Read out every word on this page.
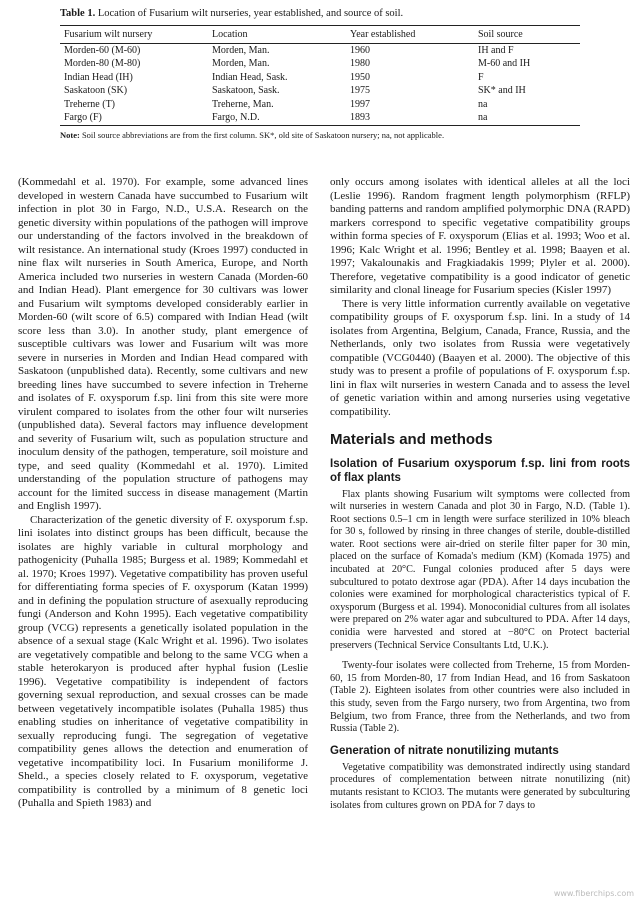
Table 1. Location of Fusarium wilt nurseries, year established, and source of soil.

Fusarium wilt nursery	Location	Year established	Soil source
Morden-60 (M-60)	Morden, Man.	1960	IH and F
Morden-80 (M-80)	Morden, Man.	1980	M-60 and IH
Indian Head (IH)	Indian Head, Sask.	1950	F
Saskatoon (SK)	Saskatoon, Sask.	1975	SK* and IH
Treherne (T)	Treherne, Man.	1997	na
Fargo (F)	Fargo, N.D.	1893	na

Note: Soil source abbreviations are from the first column. SK*, old site of Saskatoon nursery; na, not applicable.

(Kommedahl et al. 1970). For example, some advanced lines developed in western Canada have succumbed to Fusarium wilt infection in plot 30 in Fargo, N.D., U.S.A. Research on the genetic diversity within populations of the pathogen will improve our understanding of the factors involved in the breakdown of wilt resistance. An international study (Kroes 1997) conducted in nine flax wilt nurseries in South America, Europe, and North America included two nurseries in western Canada (Morden-60 and Indian Head). Plant emergence for 30 cultivars was lower and Fusarium wilt symptoms developed considerably earlier in Morden-60 (wilt score of 6.5) compared with Indian Head (wilt score less than 3.0). In another study, plant emergence of susceptible cultivars was lower and Fusarium wilt was more severe in nurseries in Morden and Indian Head compared with Saskatoon (unpublished data). Recently, some cultivars and new breeding lines have succumbed to severe infection in Treherne and isolates of F. oxysporum f.sp. lini from this site were more virulent compared to isolates from the other four wilt nurseries (unpublished data). Several factors may influence development and severity of Fusarium wilt, such as population structure and inoculum density of the pathogen, temperature, soil moisture and type, and seed quality (Kommedahl et al. 1970). Limited understanding of the population structure of pathogens may account for the limited success in disease management (Martin and English 1997).

Characterization of the genetic diversity of F. oxysporum f.sp. lini isolates into distinct groups has been difficult, because the isolates are highly variable in cultural morphology and pathogenicity (Puhalla 1985; Burgess et al. 1989; Kommedahl et al. 1970; Kroes 1997). Vegetative compatibility has proven useful for differentiating forma species of F. oxysporum (Katan 1999) and in defining the population structure of asexually reproducing fungi (Anderson and Kohn 1995). Each vegetative compatibility group (VCG) represents a genetically isolated population in the absence of a sexual stage (Kalc Wright et al. 1996). Two isolates are vegetatively compatible and belong to the same VCG when a stable heterokaryon is produced after hyphal fusion (Leslie 1996). Vegetative compatibility is independent of factors governing sexual reproduction, and sexual crosses can be made between vegetatively incompatible isolates (Puhalla 1985) thus enabling studies on inheritance of vegetative compatibility in sexually reproducing fungi. The segregation of vegetative compatibility genes allows the detection and enumeration of vegetative incompatibility loci. In Fusarium moniliforme J. Sheld., a species closely related to F. oxysporum, vegetative compatibility is controlled by a minimum of 8 genetic loci (Puhalla and Spieth 1983) and

only occurs among isolates with identical alleles at all the loci (Leslie 1996). Random fragment length polymorphism (RFLP) banding patterns and random amplified polymorphic DNA (RAPD) markers correspond to specific vegetative compatibility groups within forma species of F. oxysporum (Elias et al. 1993; Woo et al. 1996; Kalc Wright et al. 1996; Bentley et al. 1998; Baayen et al. 1997; Vakalounakis and Fragkiadakis 1999; Plyler et al. 2000). Therefore, vegetative compatibility is a good indicator of genetic similarity and clonal lineage for Fusarium species (Kisler 1997)

There is very little information currently available on vegetative compatibility groups of F. oxysporum f.sp. lini. In a study of 14 isolates from Argentina, Belgium, Canada, France, Russia, and the Netherlands, only two isolates from Russia were vegetatively compatible (VCG0440) (Baayen et al. 2000). The objective of this study was to present a profile of populations of F. oxysporum f.sp. lini in flax wilt nurseries in western Canada and to assess the level of genetic variation within and among nurseries using vegetative compatibility.

Materials and methods
Isolation of Fusarium oxysporum f.sp. lini from roots of flax plants

Flax plants showing Fusarium wilt symptoms were collected from wilt nurseries in western Canada and plot 30 in Fargo, N.D. (Table 1). Root sections 0.5–1 cm in length were surface sterilized in 10% bleach for 30 s, followed by rinsing in three changes of sterile, double-distilled water. Root sections were air-dried on sterile filter paper for 30 min, placed on the surface of Komada's medium (KM) (Komada 1975) and incubated at 20°C. Fungal colonies produced after 5 days were subcultured to potato dextrose agar (PDA). After 14 days incubation the colonies were examined for morphological characteristics typical of F. oxysporum (Burgess et al. 1994). Monoconidial cultures from all isolates were prepared on 2% water agar and subcultured to PDA. After 14 days, conidia were harvested and stored at −80°C on Protect bacterial preservers (Technical Service Consultants Ltd, U.K.).

Twenty-four isolates were collected from Treherne, 15 from Morden-60, 15 from Morden-80, 17 from Indian Head, and 16 from Saskatoon (Table 2). Eighteen isolates from other countries were also included in this study, seven from the Fargo nursery, two from Argentina, two from Belgium, two from France, three from the Netherlands, and two from Russia (Table 2).

Generation of nitrate nonutilizing mutants

Vegetative compatibility was demonstrated indirectly using standard procedures of complementation between nitrate nonutilizing (nit) mutants resistant to KClO3. The mutants were generated by subculturing isolates from cultures grown on PDA for 7 days to

www.fiberchips.com
